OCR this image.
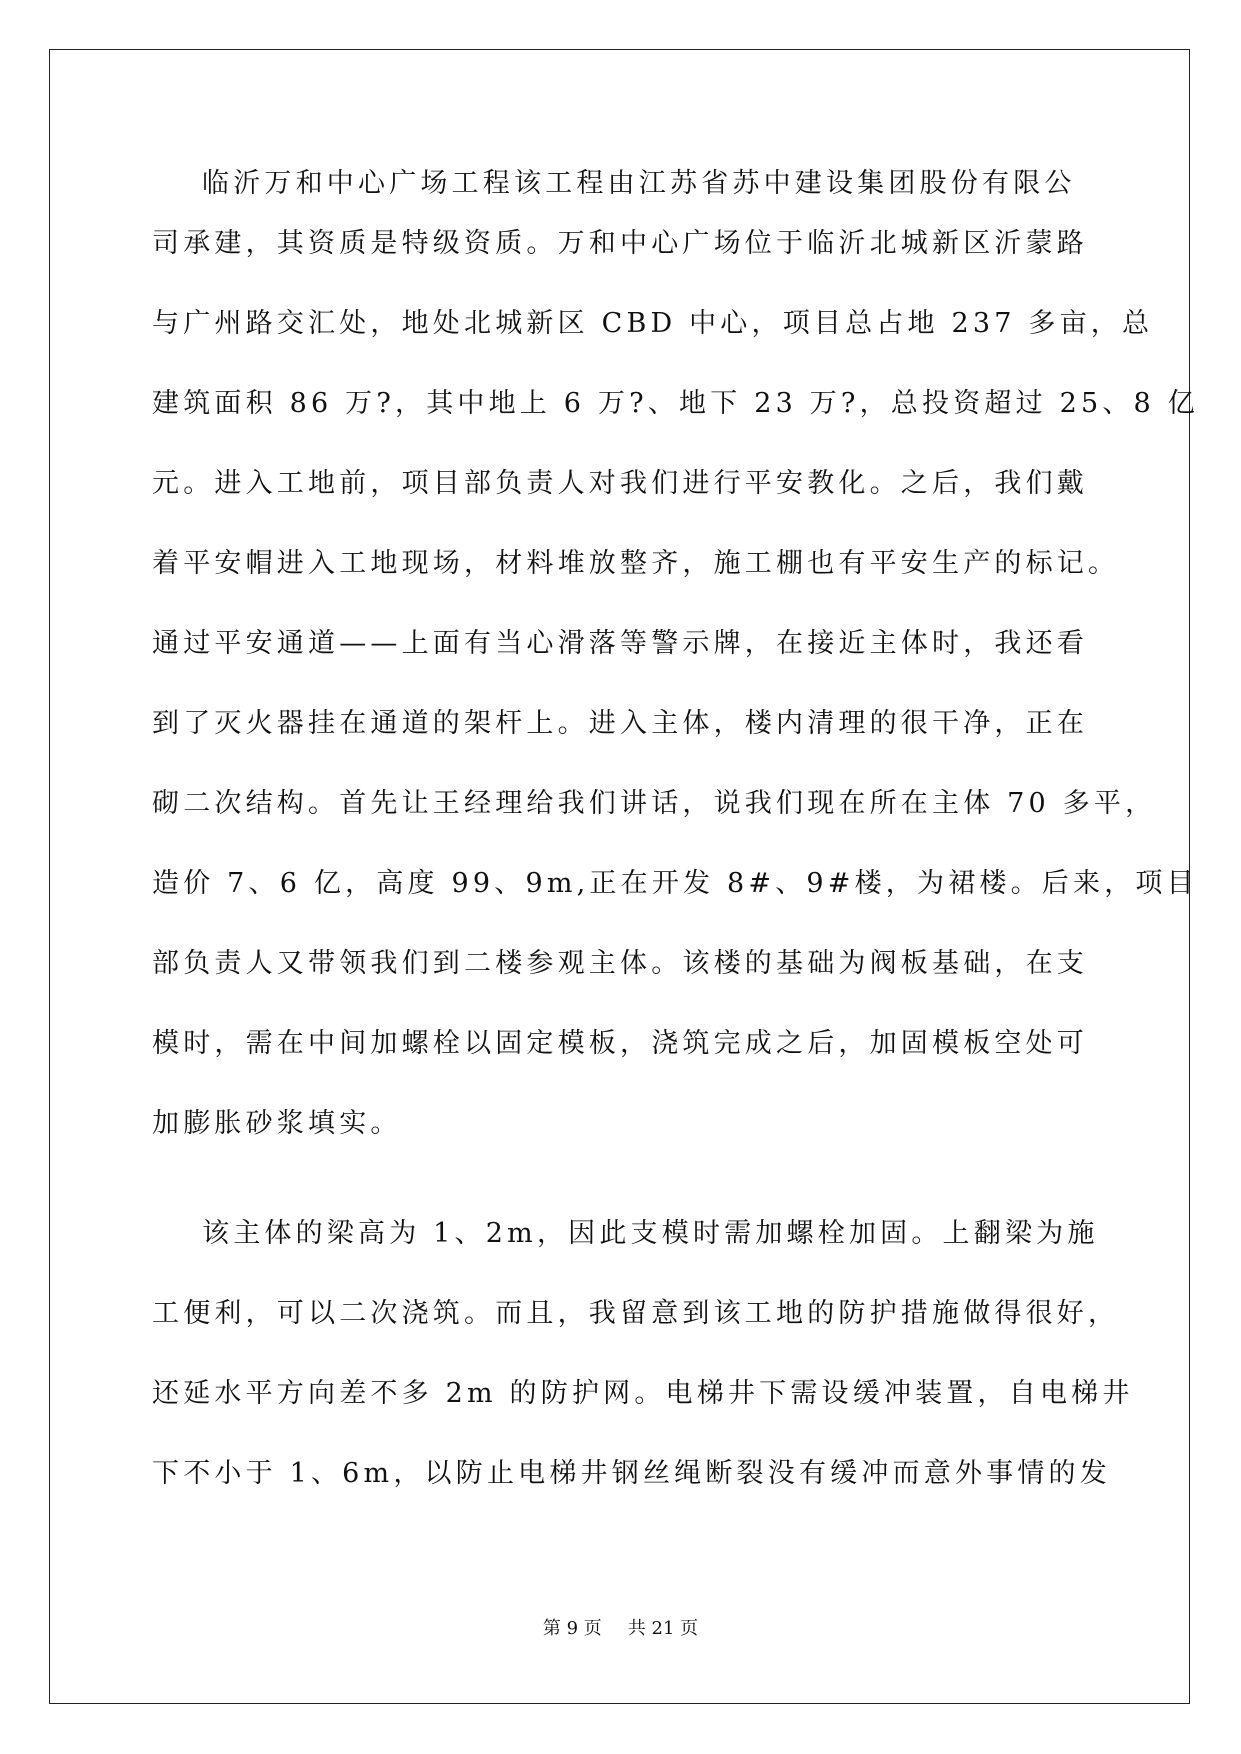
临沂万和中心广场工程该工程由江苏省苏中建设集团股份有限公
司承建，其资质是特级资质。万和中心广场位于临沂北城新区沂蒙路
与广州路交汇处，地处北城新区 CBD 中心，项目总占地 237 多亩，总
建筑面积 86 万?，其中地上 6 万?、地下 23 万?，总投资超过 25、8 亿
元。进入工地前，项目部负责人对我们进行平安教化。之后，我们戴
着平安帽进入工地现场，材料堆放整齐，施工棚也有平安生产的标记。
通过平安通道——上面有当心滑落等警示牌，在接近主体时，我还看
到了灭火器挂在通道的架杆上。进入主体，楼内清理的很干净，正在
砌二次结构。首先让王经理给我们讲话，说我们现在所在主体 70 多平，
造价 7、6 亿，高度 99、9m,正在开发 8#、9#楼，为裙楼。后来，项目
部负责人又带领我们到二楼参观主体。该楼的基础为阀板基础，在支
模时，需在中间加螺栓以固定模板，浇筑完成之后，加固模板空处可
加膨胀砂浆填实。
该主体的梁高为 1、2m，因此支模时需加螺栓加固。上翻梁为施
工便利，可以二次浇筑。而且，我留意到该工地的防护措施做得很好，
还延水平方向差不多 2m 的防护网。电梯井下需设缓冲装置，自电梯井
下不小于 1、6m，以防止电梯井钢丝绳断裂没有缓冲而意外事情的发
第 9 页 共 21 页
